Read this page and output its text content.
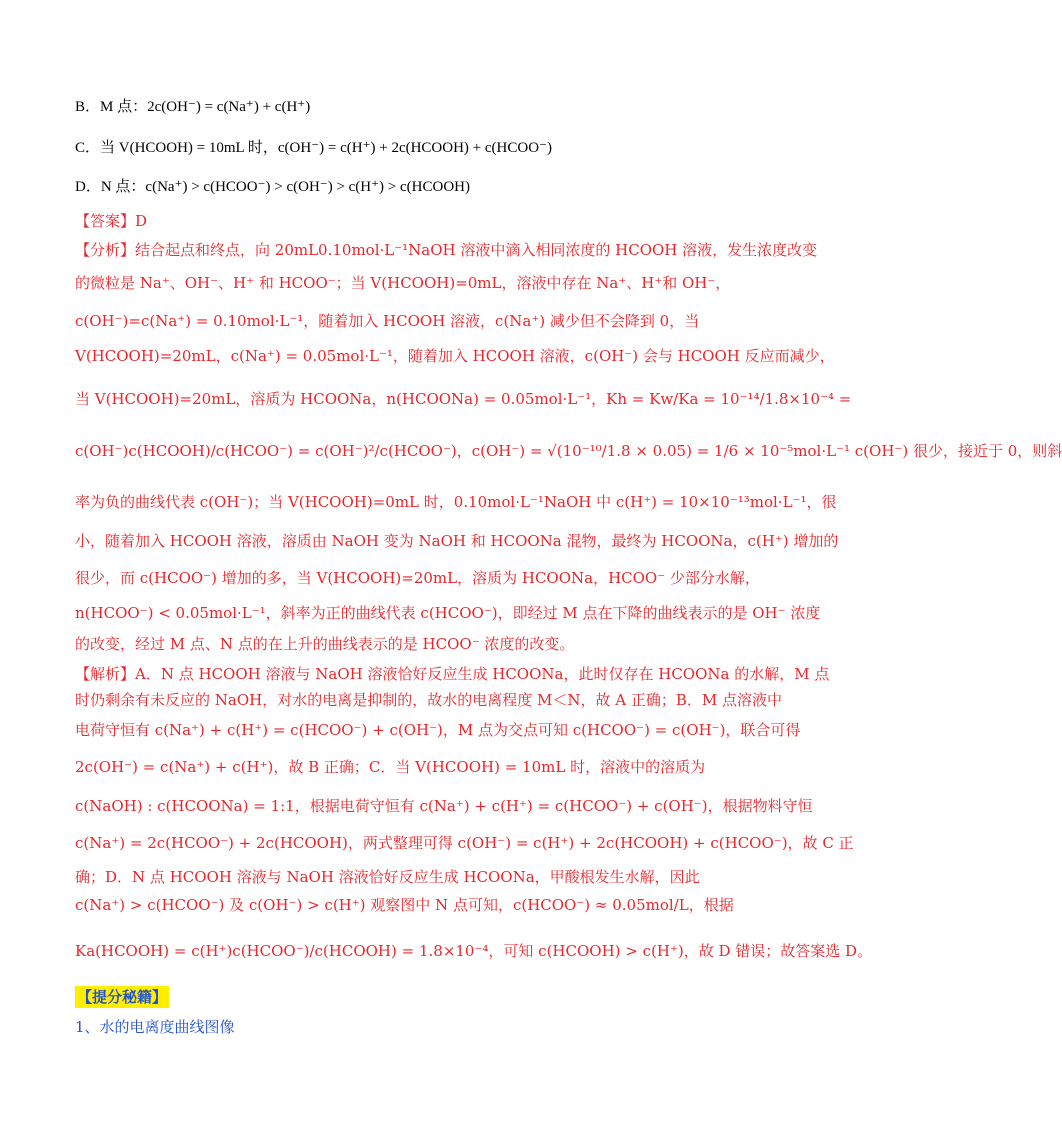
B．M 点：2c(OH⁻) = c(Na⁺) + c(H⁺)
C．当 V(HCOOH) = 10mL 时，c(OH⁻) = c(H⁺) + 2c(HCOOH) + c(HCOO⁻)
D．N 点：c(Na⁺) > c(HCOO⁻) > c(OH⁻) > c(H⁺) > c(HCOOH)
【答案】D
【分析】结合起点和终点，向 20mL0.10mol·L⁻¹NaOH 溶液中滴入相同浓度的 HCOOH 溶液，发生浓度改变
的微粒是 Na⁺、OH⁻、H⁺ 和 HCOO⁻；当 V(HCOOH)=0mL，溶液中存在 Na⁺、H⁺和 OH⁻，
c(OH⁻)=c(Na⁺) = 0.10mol·L⁻¹，随着加入 HCOOH 溶液，c(Na⁺) 减少但不会降到 0，当
V(HCOOH)=20mL，c(Na⁺) = 0.05mol·L⁻¹，随着加入 HCOOH 溶液，c(OH⁻) 会与 HCOOH 反应而减少，
当 V(HCOOH)=20mL，溶质为 HCOONa，n(HCOONa) = 0.05mol·L⁻¹，Kh = Kw/Ka = 10⁻¹⁴/1.8×10⁻⁴ =
c(OH⁻)c(HCOOH)/c(HCOO⁻) = c(OH⁻)²/c(HCOO⁻)，c(OH⁻) = √(10⁻¹⁰/1.8 × 0.05) = 1/6 × 10⁻⁵mol·L⁻¹ c(OH⁻) 很少，接近于 0，则斜
率为负的曲线代表 c(OH⁻)；当 V(HCOOH)=0mL 时，0.10mol·L⁻¹NaOH 中 c(H⁺) = 10×10⁻¹³mol·L⁻¹，很
小，随着加入 HCOOH 溶液，溶质由 NaOH 变为 NaOH 和 HCOONa 混物，最终为 HCOONa，c(H⁺) 增加的
很少，而 c(HCOO⁻) 增加的多，当 V(HCOOH)=20mL，溶质为 HCOONa，HCOO⁻ 少部分水解，
n(HCOO⁻) < 0.05mol·L⁻¹，斜率为正的曲线代表 c(HCOO⁻)，即经过 M 点在下降的曲线表示的是 OH⁻ 浓度
的改变，经过 M 点、N 点的在上升的曲线表示的是 HCOO⁻ 浓度的改变。
【解析】A．N 点 HCOOH 溶液与 NaOH 溶液恰好反应生成 HCOONa，此时仅存在 HCOONa 的水解，M 点
时仍剩余有未反应的 NaOH，对水的电离是抑制的，故水的电离程度 M＜N，故 A 正确；B．M 点溶液中
电荷守恒有 c(Na⁺) + c(H⁺) = c(HCOO⁻) + c(OH⁻)，M 点为交点可知 c(HCOO⁻) = c(OH⁻)，联合可得
2c(OH⁻) = c(Na⁺) + c(H⁺)，故 B 正确；C．当 V(HCOOH) = 10mL 时，溶液中的溶质为
c(NaOH) : c(HCOONa) = 1:1，根据电荷守恒有 c(Na⁺) + c(H⁺) = c(HCOO⁻) + c(OH⁻)，根据物料守恒
c(Na⁺) = 2c(HCOO⁻) + 2c(HCOOH)，两式整理可得 c(OH⁻) = c(H⁺) + 2c(HCOOH) + c(HCOO⁻)，故 C 正
确；D．N 点 HCOOH 溶液与 NaOH 溶液恰好反应生成 HCOONa，甲酸根发生水解，因此
c(Na⁺) > c(HCOO⁻) 及 c(OH⁻) > c(H⁺) 观察图中 N 点可知，c(HCOO⁻) ≈ 0.05mol/L，根据
Ka(HCOOH) = c(H⁺)c(HCOO⁻)/c(HCOOH) = 1.8×10⁻⁴，可知 c(HCOOH) > c(H⁺)，故 D 错误；故答案选 D。
【提分秘籍】
1、水的电离度曲线图像
